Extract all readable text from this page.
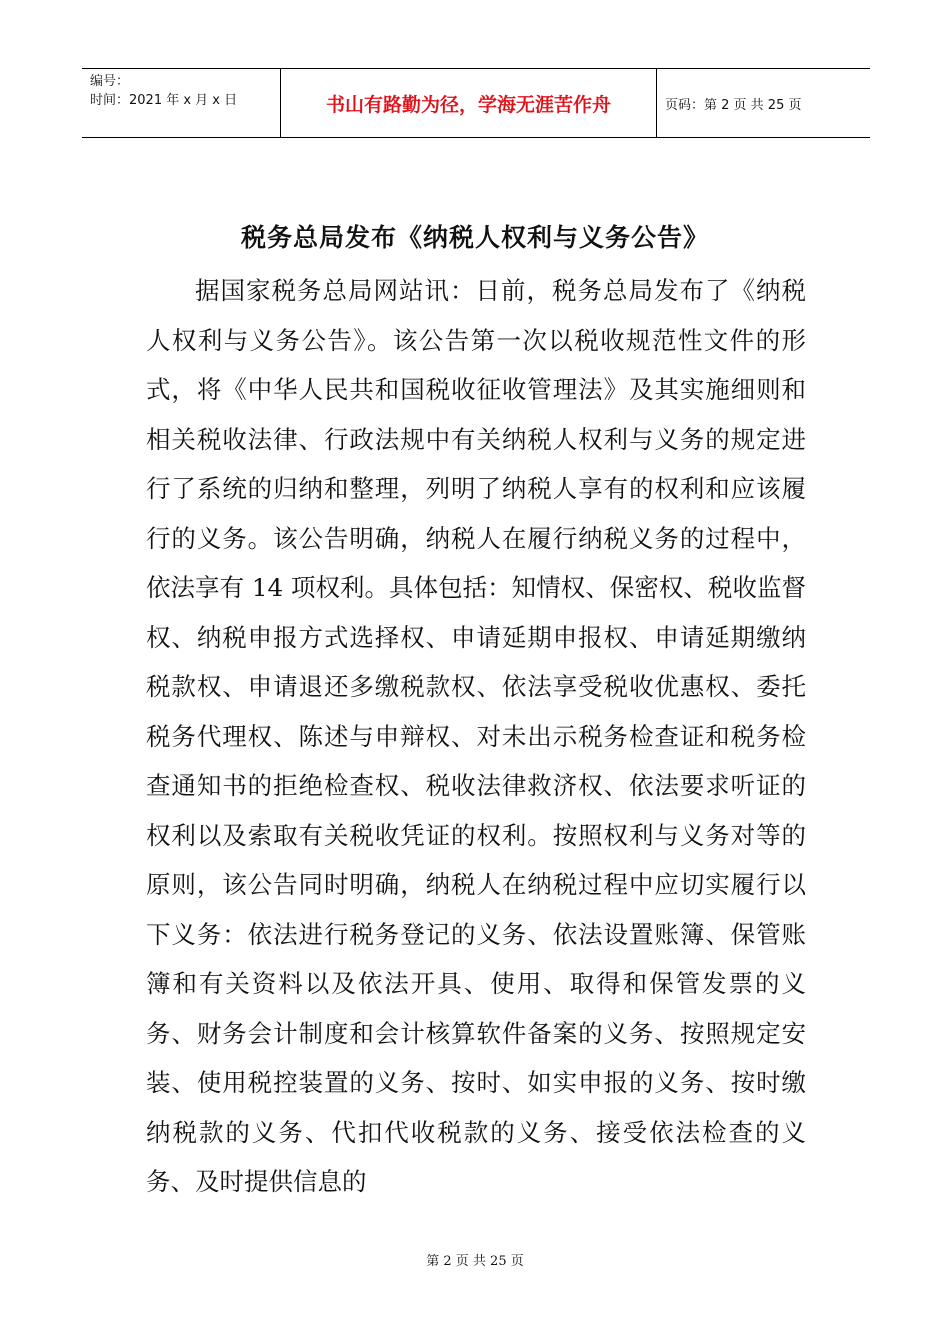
编号：
时间：2021 年 x 月 x 日	书山有路勤为径，学海无涯苦作舟	页码：第 2 页 共 25 页
税务总局发布《纳税人权利与义务公告》

据国家税务总局网站讯：日前，税务总局发布了《纳税人权利与义务公告》。该公告第一次以税收规范性文件的形式，将《中华人民共和国税收征收管理法》及其实施细则和相关税收法律、行政法规中有关纳税人权利与义务的规定进行了系统的归纳和整理，列明了纳税人享有的权利和应该履行的义务。该公告明确，纳税人在履行纳税义务的过程中，依法享有 14 项权利。具体包括：知情权、保密权、税收监督权、纳税申报方式选择权、申请延期申报权、申请延期缴纳税款权、申请退还多缴税款权、依法享受税收优惠权、委托税务代理权、陈述与申辩权、对未出示税务检查证和税务检查通知书的拒绝检查权、税收法律救济权、依法要求听证的权利以及索取有关税收凭证的权利。按照权利与义务对等的原则，该公告同时明确，纳税人在纳税过程中应切实履行以下义务：依法进行税务登记的义务、依法设置账簿、保管账簿和有关资料以及依法开具、使用、取得和保管发票的义务、财务会计制度和会计核算软件备案的义务、按照规定安装、使用税控装置的义务、按时、如实申报的义务、按时缴纳税款的义务、代扣代收税款的义务、接受依法检查的义务、及时提供信息的

第 2 页 共 25 页
